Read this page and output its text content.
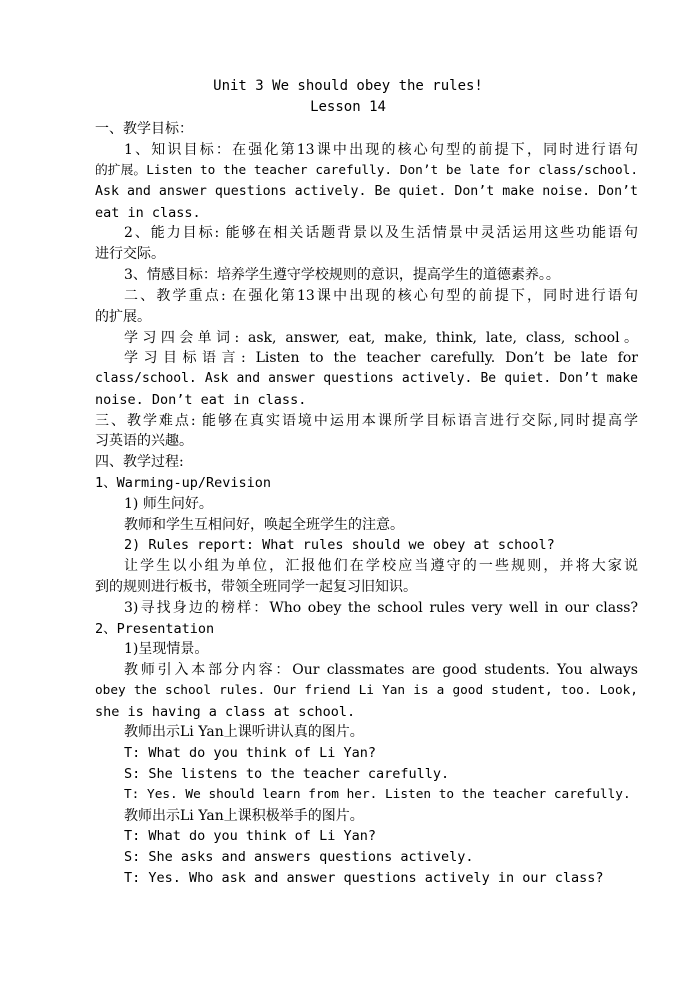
Unit 3 We should obey the rules!
Lesson 14
一、教学目标：
1、知识目标：在强化第13课中出现的核心句型的前提下，同时进行语句
的扩展。Listen to the teacher carefully. Don’t be late for class/school.
Ask and answer questions actively. Be quiet. Don’t make noise. Don’t
eat in class.
2、能力目标: 能够在相关话题背景以及生活情景中灵活运用这些功能语句
进行交际。
3、情感目标：培养学生遵守学校规则的意识，提高学生的道德素养。。
二、教学重点: 在强化第13课中出现的核心句型的前提下，同时进行语句
的扩展。
学习四会单词: ask, answer, eat, make, think, late, class, school。
学习目标语言: Listen to the teacher carefully. Don’t be late for
class/school. Ask and answer questions actively. Be quiet. Don’t make
noise. Don’t eat in class.
三、教学难点: 能够在真实语境中运用本课所学目标语言进行交际,同时提高学
习英语的兴趣。
四、教学过程:
1、Warming-up/Revision
1) 师生问好。
教师和学生互相问好，唤起全班学生的注意。
2) Rules report: What rules should we obey at school?
让学生以小组为单位，汇报他们在学校应当遵守的一些规则，并将大家说
到的规则进行板书，带领全班同学一起复习旧知识。
3)寻找身边的榜样：Who obey the school rules very well in our class?
2、Presentation
1)呈现情景。
教师引入本部分内容：Our classmates are good students. You always
obey the school rules. Our friend Li Yan is a good student, too. Look,
she is having a class at school.
教师出示Li Yan上课听讲认真的图片。
T: What do you think of Li Yan?
S: She listens to the teacher carefully.
T: Yes. We should learn from her. Listen to the teacher carefully.
教师出示Li Yan上课积极举手的图片。
T: What do you think of Li Yan?
S: She asks and answers questions actively.
T: Yes. Who ask and answer questions actively in our class?
